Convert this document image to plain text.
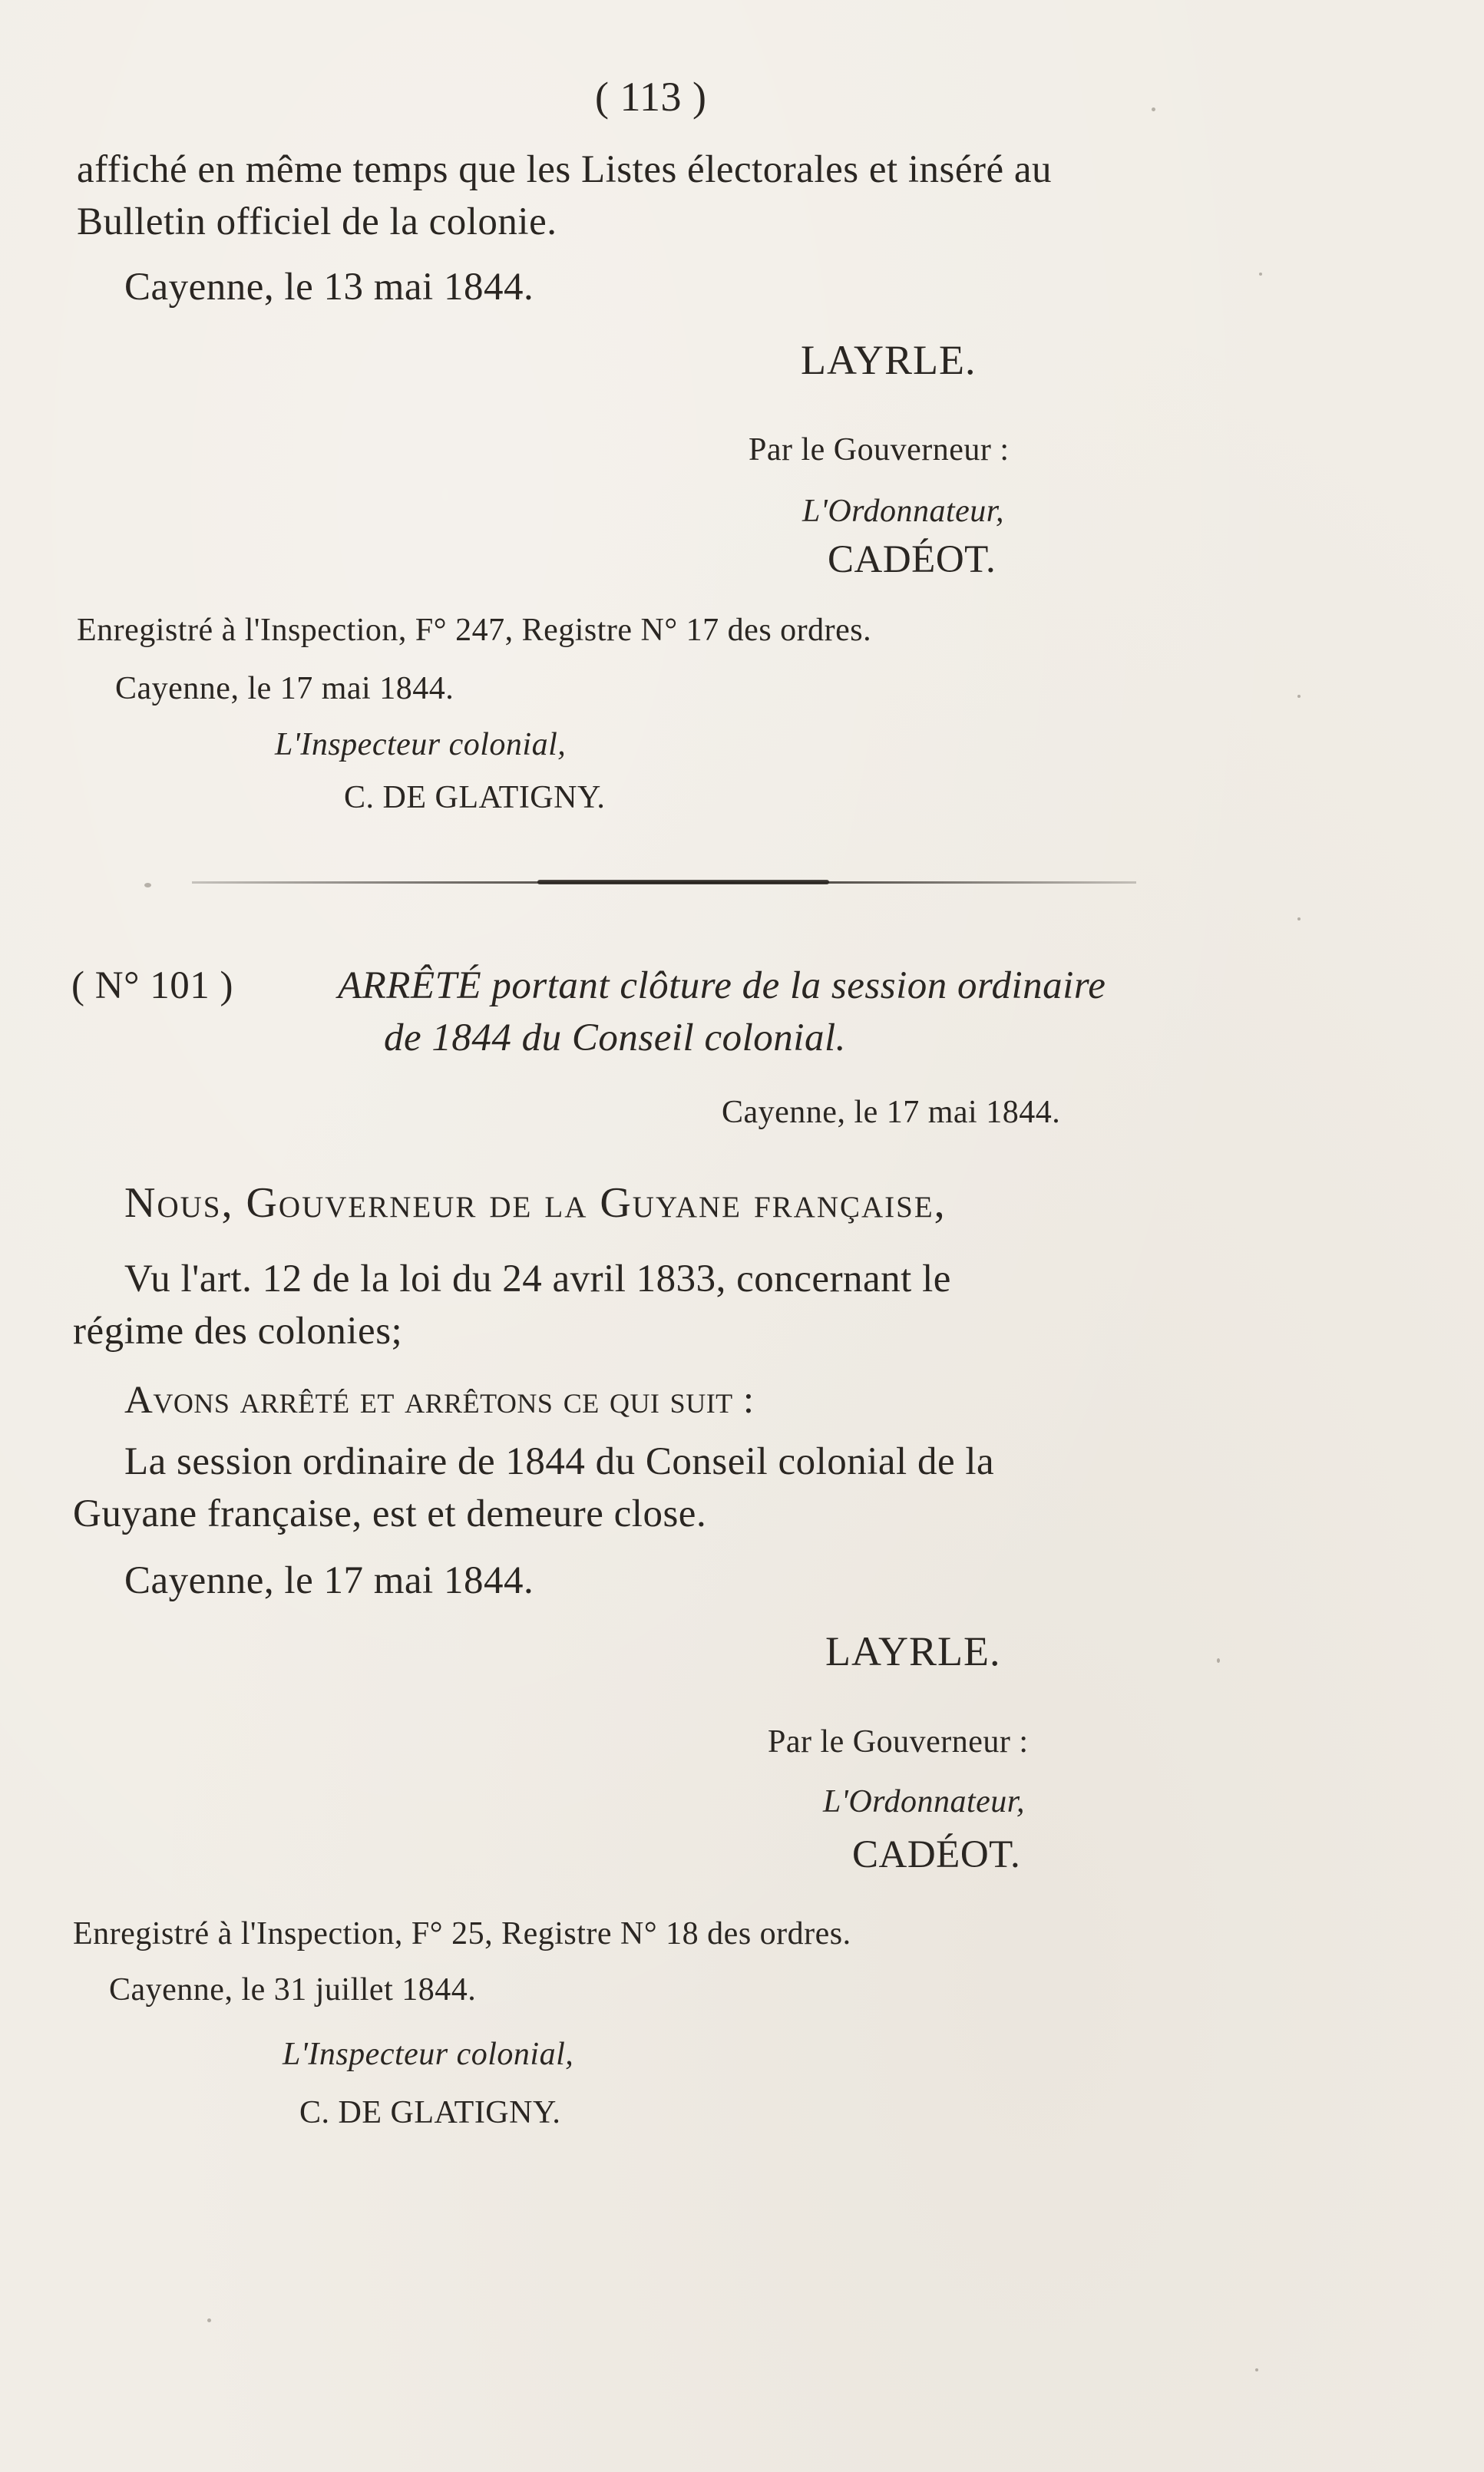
( 113 )
affiché en même temps que les Listes électorales et inséré au
Bulletin officiel de la colonie.
Cayenne, le 13 mai 1844.
LAYRLE.
Par le Gouverneur :
L'Ordonnateur,
CADÉOT.
Enregistré à l'Inspection, F° 247, Registre N° 17 des ordres.
Cayenne, le 17 mai 1844.
L'Inspecteur colonial,
C. DE GLATIGNY.
( N° 101 )	ARRÊTÉ portant clôture de la session ordinaire
de 1844 du Conseil colonial.
Cayenne, le 17 mai 1844.
Nous, Gouverneur de la Guyane française,
Vu l'art. 12 de la loi du 24 avril 1833, concernant le
régime des colonies;
Avons arrêté et arrêtons ce qui suit :
La session ordinaire de 1844 du Conseil colonial de la
Guyane française, est et demeure close.
Cayenne, le 17 mai 1844.
LAYRLE.
Par le Gouverneur :
L'Ordonnateur,
CADÉOT.
Enregistré à l'Inspection, F° 25, Registre N° 18 des ordres.
Cayenne, le 31 juillet 1844.
L'Inspecteur colonial,
C. DE GLATIGNY.
